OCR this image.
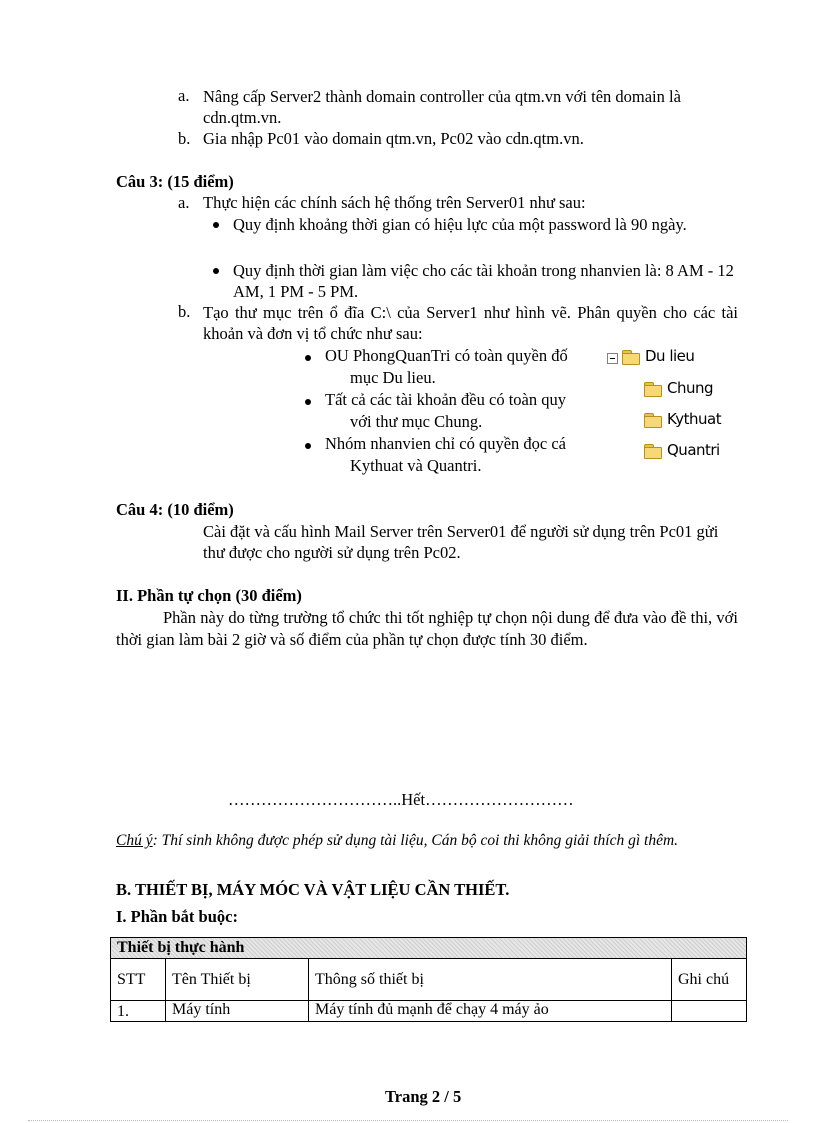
a. Nâng cấp Server2 thành domain controller của qtm.vn với tên domain là cdn.qtm.vn.
b. Gia nhập Pc01 vào domain qtm.vn, Pc02 vào cdn.qtm.vn.
Câu 3: (15 điểm)
a. Thực hiện các chính sách hệ thống trên Server01 như sau:
Quy định khoảng thời gian có hiệu lực của một password là 90 ngày.
Quy định thời gian làm việc cho các tài khoản trong nhanvien là: 8 AM - 12 AM, 1 PM - 5 PM.
b. Tạo thư mục trên ổ đĩa C:\ của Server1 như hình vẽ. Phân quyền cho các tài khoản và đơn vị tổ chức như sau:
OU PhongQuanTri có toàn quyền đố
mục Du lieu.
Tất cả các tài khoản đều có toàn quy
với thư mục Chung.
Nhóm nhanvien chỉ có quyền đọc cá
Kythuat và Quantri.
Du lieu
Chung
Kythuat
Quantri
Câu 4: (10 điểm)
Cài đặt và cấu hình Mail Server trên Server01 để người sử dụng trên Pc01 gửi thư được cho người sử dụng trên Pc02.
II. Phần tự chọn (30 điểm)
Phần này do từng trường tổ chức thi tốt nghiệp tự chọn nội dung để đưa vào đề thi, với thời gian làm bài 2 giờ và số điểm của phần tự chọn được tính 30 điểm.
…………………………..Hết………………………
Chú ý: Thí sinh không được phép sử dụng tài liệu, Cán bộ coi thi không giải thích gì thêm.
B. THIẾT BỊ, MÁY MÓC VÀ VẬT LIỆU CẦN THIẾT.
I. Phần bắt buộc:
Thiết bị thực hành			
STT	Tên Thiết bị	Thông số thiết bị	Ghi chú
1.	Máy tính	Máy tính đủ mạnh để chạy 4 máy ảo	
Trang 2 / 5
